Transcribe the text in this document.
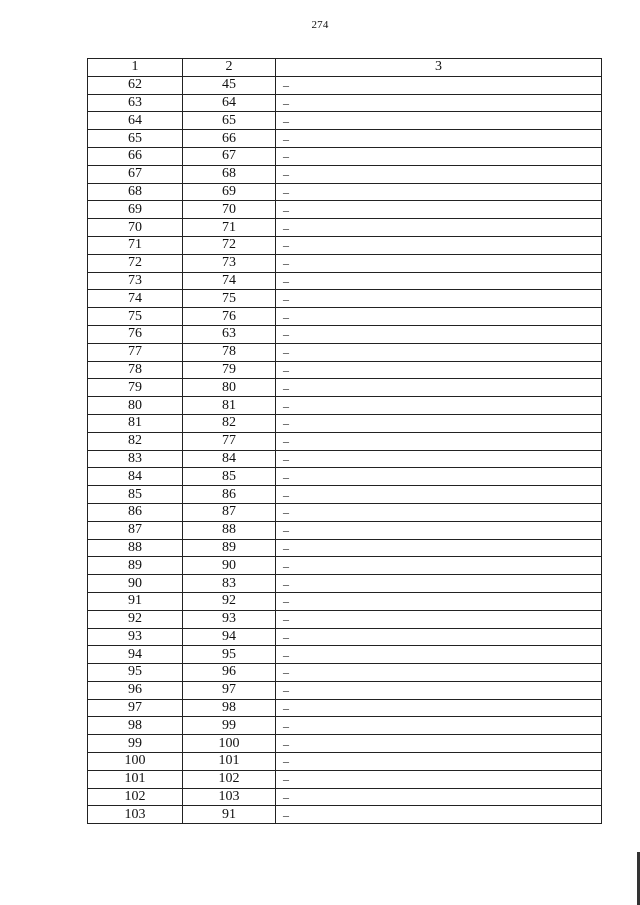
274
1	2	3
62	45	–
63	64	–
64	65	–
65	66	–
66	67	–
67	68	–
68	69	–
69	70	–
70	71	–
71	72	–
72	73	–
73	74	–
74	75	–
75	76	–
76	63	–
77	78	–
78	79	–
79	80	–
80	81	–
81	82	–
82	77	–
83	84	–
84	85	–
85	86	–
86	87	–
87	88	–
88	89	–
89	90	–
90	83	–
91	92	–
92	93	–
93	94	–
94	95	–
95	96	–
96	97	–
97	98	–
98	99	–
99	100	–
100	101	–
101	102	–
102	103	–
103	91	–
